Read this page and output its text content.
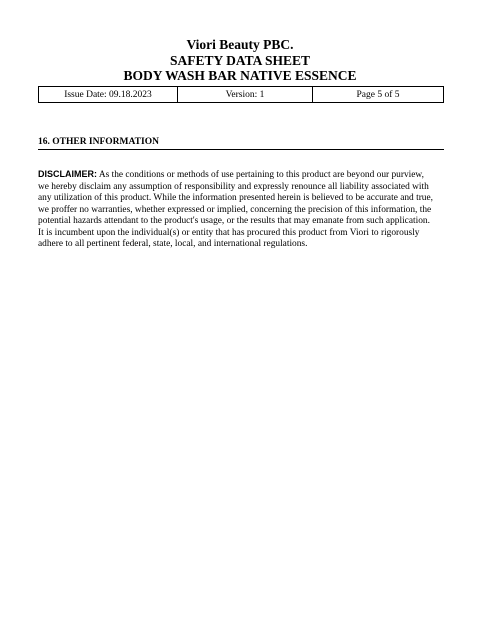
Viori Beauty PBC.
SAFETY DATA SHEET
BODY WASH BAR NATIVE ESSENCE
Issue Date: 09.18.2023	Version: 1	Page 5 of 5
16. OTHER INFORMATION
DISCLAIMER: As the conditions or methods of use pertaining to this product are beyond our purview,
we hereby disclaim any assumption of responsibility and expressly renounce all liability associated with
any utilization of this product. While the information presented herein is believed to be accurate and true,
we proffer no warranties, whether expressed or implied, concerning the precision of this information, the
potential hazards attendant to the product's usage, or the results that may emanate from such application.
It is incumbent upon the individual(s) or entity that has procured this product from Viori to rigorously
adhere to all pertinent federal, state, local, and international regulations.
